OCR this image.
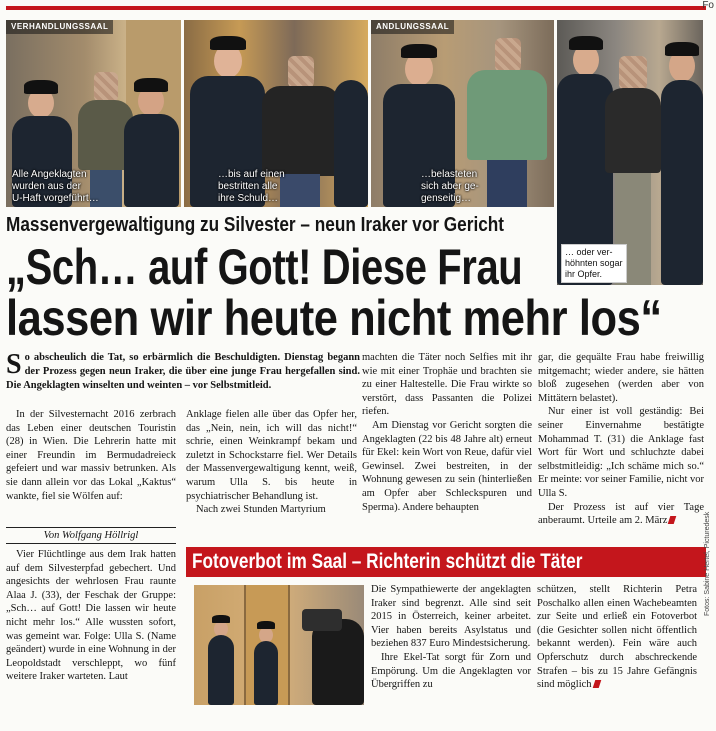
Fo
VERHANDLUNGSSAAL
Alle Angeklagten
wurden aus der
U-Haft vorgeführt…
…bis auf einen
bestritten alle
ihre Schuld…
ANDLUNGSSAAL
…belasteten
sich aber ge-
genseitig…
… oder ver-
höhnten sogar
ihr Opfer.
Massenvergewaltigung zu Silvester – neun Iraker vor Gericht
„Sch… auf Gott! Diese Frau
lassen wir heute nicht mehr los“
So abscheulich die Tat, so erbärmlich die Beschuldigten. Dienstag begann der Prozess gegen neun Iraker, die über eine junge Frau hergefallen sind. Die Angeklagten winselten und weinten – vor Selbstmitleid.

In der Silvesternacht 2016 zerbrach das Leben einer deutschen Touristin (28) in Wien. Die Lehrerin hatte mit einer Freundin im Bermudadreieck gefeiert und war massiv betrunken. Als sie dann allein vor das Lokal „Kaktus“ wankte, fiel sie Wölfen auf:

Von Wolfgang Höllrigl

Vier Flüchtlinge aus dem Irak hatten auf dem Silvesterpfad gebechert. Und angesichts der wehrlosen Frau raunte Alaa J. (33), der Feschak der Gruppe: „Sch… auf Gott! Die lassen wir heute nicht mehr los.“ Alle wussten sofort, was gemeint war. Folge: Ulla S. (Name geändert) wurde in eine Wohnung in der Leopoldstadt verschleppt, wo fünf weitere Iraker warteten. Laut

Anklage fielen alle über das Opfer her, das „Nein, nein, ich will das nicht!“ schrie, einen Weinkrampf bekam und zuletzt in Schockstarre fiel. Wer Details der Massenvergewaltigung kennt, weiß, warum Ulla S. bis heute in psychiatrischer Behandlung ist.

Nach zwei Stunden Martyrium

machten die Täter noch Selfies mit ihr wie mit einer Trophäe und brachten sie zu einer Haltestelle. Die Frau wirkte so verstört, dass Passanten die Polizei riefen.

Am Dienstag vor Gericht sorgten die Angeklagten (22 bis 48 Jahre alt) erneut für Ekel: kein Wort von Reue, dafür viel Gewinsel. Zwei bestreiten, in der Wohnung gewesen zu sein (hinterließen am Opfer aber Schleckspuren und Sperma). Andere behaupten

gar, die gequälte Frau habe freiwillig mitgemacht; wieder andere, sie hätten bloß zugesehen (werden aber von Mittätern belastet).

Nur einer ist voll geständig: Bei seiner Einvernahme bestätigte Mohammad T. (31) die Anklage fast Wort für Wort und schluchzte dabei selbstmitleidig: „Ich schäme mich so.“ Er meinte: vor seiner Familie, nicht vor Ulla S.

Der Prozess ist auf vier Tage anberaumt. Urteile am 2. März

Fotoverbot im Saal – Richterin schützt die Täter

Die Sympathiewerte der angeklagten Iraker sind begrenzt. Alle sind seit 2015 in Österreich, keiner arbeitet. Vier haben bereits Asylstatus und beziehen 837 Euro Mindestsicherung.

Ihre Ekel-Tat sorgt für Zorn und Empörung. Um die Angeklagten vor Übergriffen zu

schützen, stellt Richterin Petra Poschalko allen einen Wachebeamten zur Seite und erließ ein Fotoverbot (die Gesichter sollen nicht öffentlich bekannt werden). Fein wäre auch Opferschutz durch abschreckende Strafen – bis zu 15 Jahre Gefängnis sind möglich

Fotos: Sabine Hertel, Picturedesk
